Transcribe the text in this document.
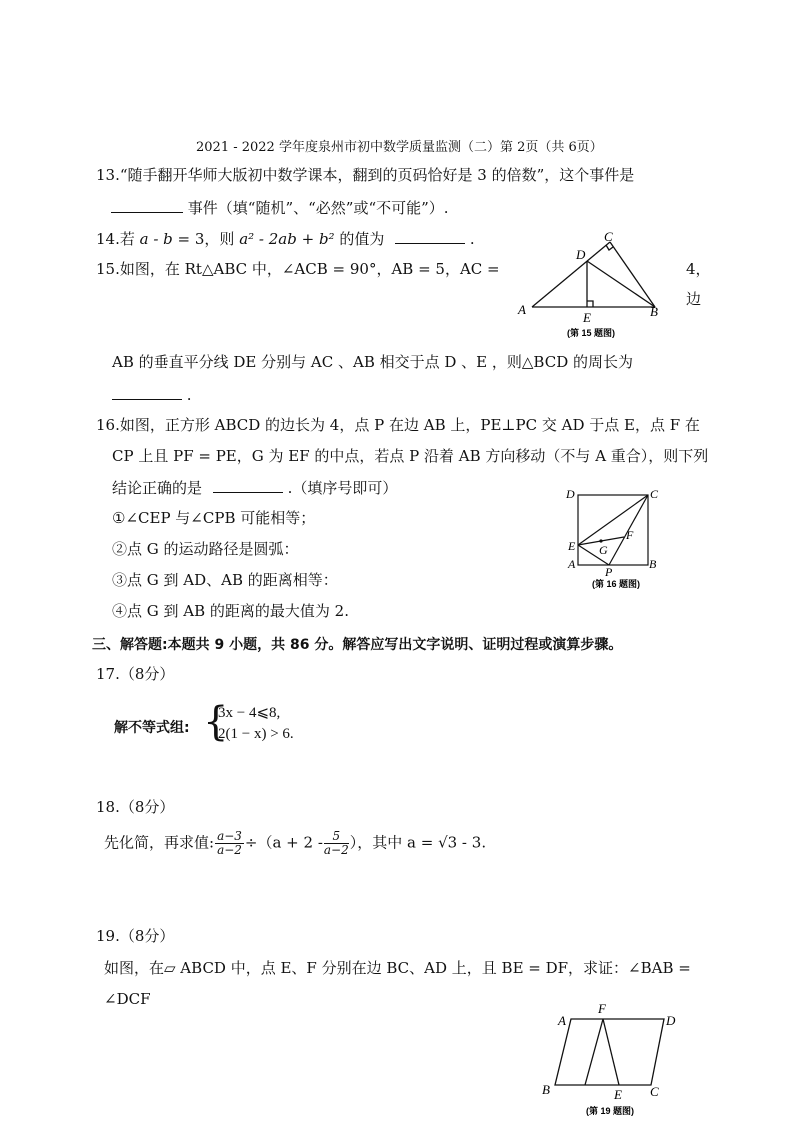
2021 - 2022 学年度泉州市初中数学质量监测（二）第 2页（共 6页）
13.“随手翻开华师大版初中数学课本，翻到的页码恰好是 3 的倍数”，这个事件是
事件（填“随机”、“必然”或“不可能”）.
14.若 a - b = 3，则 a² - 2ab + b² 的值为	.
15.如图，在 Rt△ABC 中，∠ACB = 90°，AB = 5，AC =	4，
边
A	B
C
D
E
(第 15 题图)
AB 的垂直平分线 DE 分别与 AC 、AB 相交于点 D 、E ，则△BCD 的周长为
.
16.如图，正方形 ABCD 的边长为 4，点 P 在边 AB 上，PE⊥PC 交 AD 于点 E，点 F 在
CP 上且 PF = PE，G 为 EF 的中点，若点 P 沿着 AB 方向移动（不与 A 重合），则下列
结论正确的是	.（填序号即可）
①∠CEP 与∠CPB 可能相等；
②点 G 的运动路径是圆弧：
③点 G 到 AD、AB 的距离相等：
④点 G 到 AB 的距离的最大值为 2.
D	C
E
F
G
A	B
P
(第 16 题图)
三、解答题:本题共 9 小题，共 86 分。解答应写出文字说明、证明过程或演算步骤。
17.（8分）
解不等式组: {
3x − 4⩽8,
2(1 − x) > 6.
18.（8分）
先化简，再求值: $\frac{a-3}{a-2} \div(a + 2 - \frac{5}{a-2}$ ），其中 a = √3 - 3.
19.（8分）
如图，在▱ ABCD 中，点 E、F 分别在边 BC、AD 上，且 BE = DF，求证：∠BAB =
∠DCF
A
B	C
D
E
F
(第 19 题图)
